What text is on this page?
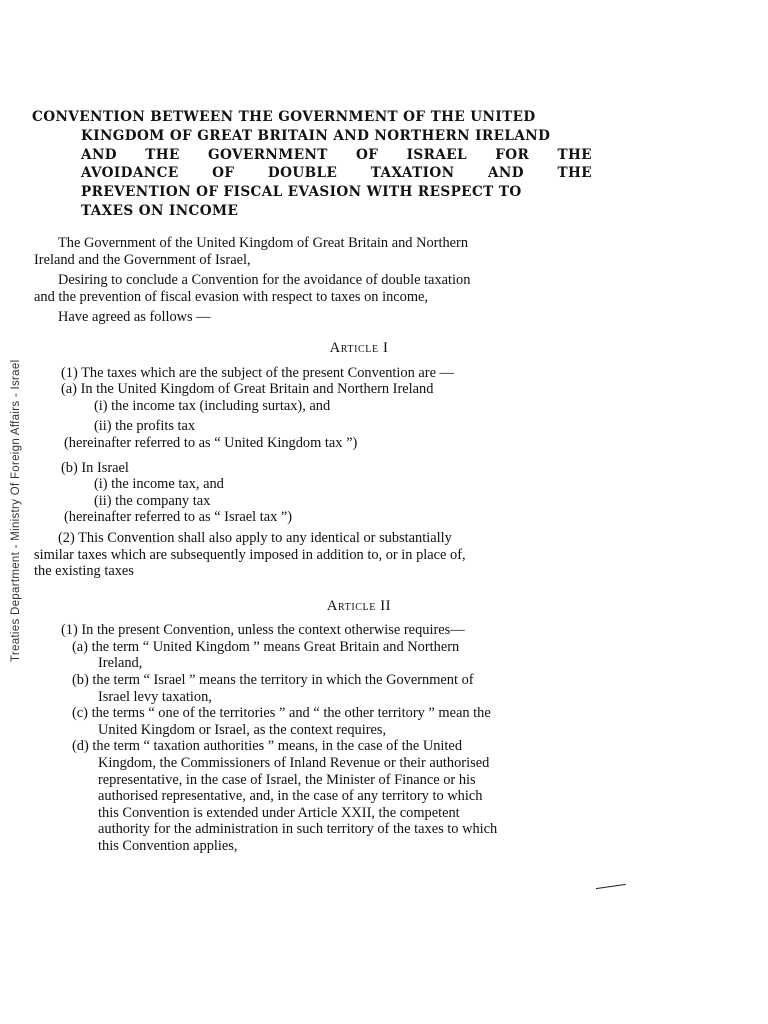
Treaties Department - Ministry Of Foreign Affairs - Israel
CONVENTION BETWEEN THE GOVERNMENT OF THE UNITED
KINGDOM OF GREAT BRITAIN AND NORTHERN IRELAND
AND THE GOVERNMENT OF ISRAEL FOR THE
AVOIDANCE OF DOUBLE TAXATION AND THE
PREVENTION OF FISCAL EVASION WITH RESPECT TO
TAXES ON INCOME
The Government of the United Kingdom of Great Britain and Northern
Ireland and the Government of Israel,
Desiring to conclude a Convention for the avoidance of double taxation
and the prevention of fiscal evasion with respect to taxes on income,
Have agreed as follows —
Article I
(1) The taxes which are the subject of the present Convention are —
(a) In the United Kingdom of Great Britain and Northern Ireland
(i) the income tax (including surtax), and
(ii) the profits tax
(hereinafter referred to as “ United Kingdom tax ”)
(b) In Israel
(i) the income tax, and
(ii) the company tax
(hereinafter referred to as “ Israel tax ”)
(2) This Convention shall also apply to any identical or substantially
similar taxes which are subsequently imposed in addition to, or in place of,
the existing taxes
Article II
(1) In the present Convention, unless the context otherwise requires—
(a) the term “ United Kingdom ” means Great Britain and Northern
Ireland,
(b) the term “ Israel ” means the territory in which the Government of
Israel levy taxation,
(c) the terms “ one of the territories ” and “ the other territory ” mean the
United Kingdom or Israel, as the context requires,
(d) the term “ taxation authorities ” means, in the case of the United
Kingdom, the Commissioners of Inland Revenue or their authorised
representative, in the case of Israel, the Minister of Finance or his
authorised representative, and, in the case of any territory to which
this Convention is extended under Article XXII, the competent
authority for the administration in such territory of the taxes to which
this Convention applies,
